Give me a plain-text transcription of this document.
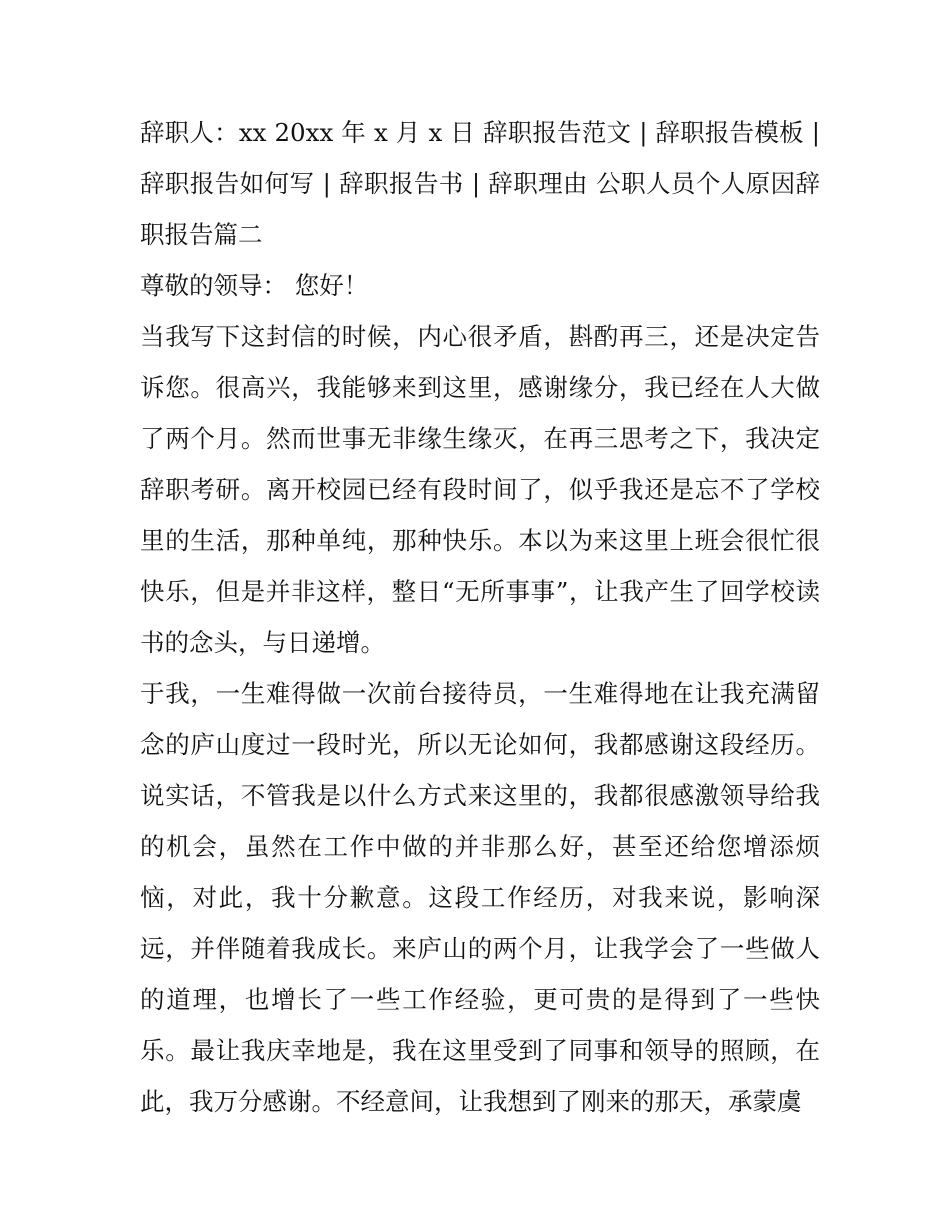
辞职人：xx 20xx 年 x 月 x 日 辞职报告范文 | 辞职报告模板 | 辞职报告如何写 | 辞职报告书 | 辞职理由 公职人员个人原因辞职报告篇二

尊敬的领导： 您好！

当我写下这封信的时候，内心很矛盾，斟酌再三，还是决定告诉您。很高兴，我能够来到这里，感谢缘分，我已经在人大做了两个月。然而世事无非缘生缘灭，在再三思考之下，我决定辞职考研。离开校园已经有段时间了，似乎我还是忘不了学校里的生活，那种单纯，那种快乐。本以为来这里上班会很忙很快乐，但是并非这样，整日“无所事事”，让我产生了回学校读书的念头，与日递增。

于我，一生难得做一次前台接待员，一生难得地在让我充满留念的庐山度过一段时光，所以无论如何，我都感谢这段经历。说实话，不管我是以什么方式来这里的，我都很感激领导给我的机会，虽然在工作中做的并非那么好，甚至还给您增添烦恼，对此，我十分歉意。这段工作经历，对我来说，影响深远，并伴随着我成长。来庐山的两个月，让我学会了一些做人的道理，也增长了一些工作经验，更可贵的是得到了一些快乐。最让我庆幸地是，我在这里受到了同事和领导的照顾，在此，我万分感谢。不经意间，让我想到了刚来的那天，承蒙虞
